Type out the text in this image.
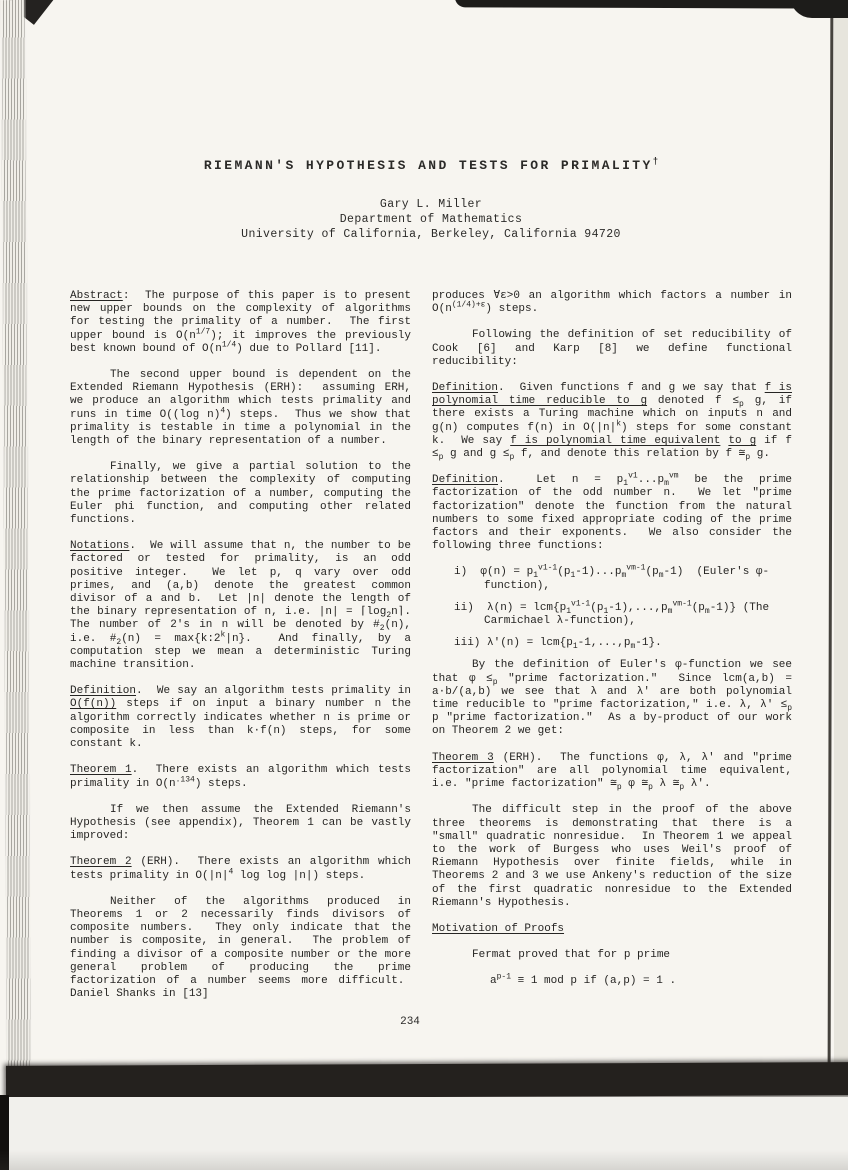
RIEMANN'S HYPOTHESIS AND TESTS FOR PRIMALITY†
Gary L. Miller
Department of Mathematics
University of California, Berkeley, California 94720

Abstract:  The purpose of this paper is to present new upper bounds on the complexity of algorithms for testing the primality of a number.  The first upper bound is $O(n^{1/7})$; it improves the previously best known bound of $O(n^{1/4})$ due to Pollard [11].

The second upper bound is dependent on the Extended Riemann Hypothesis (ERH):  assuming ERH, we produce an algorithm which tests primality and runs in time O((log n)$^4$) steps.  Thus we show that primality is testable in time a polynomial in the length of the binary representation of a number.

Finally, we give a partial solution to the relationship between the complexity of computing the prime factorization of a number, computing the Euler phi function, and computing other related functions.

Notations.  We will assume that n, the number to be factored or tested for primality, is an odd positive integer.  We let p, q vary over odd primes, and (a,b) denote the greatest common divisor of a and b.  Let |n| denote the length of the binary representation of n, i.e. $|n| = ⌈\log_2n⌉$. The number of 2's in n will be denoted by $\#_2(n)$, i.e. $\#_2(n)$ = $\max\{k:2^k|n\}$.  And finally, by a computation step we mean a deterministic Turing machine transition.

Definition.  We say an algorithm tests primality in O(f(n)) steps if on input a binary number n the algorithm correctly indicates whether n is prime or composite in less than k·f(n) steps, for some constant k.

Theorem 1.  There exists an algorithm which tests primality in $O(n^{.134})$ steps.

If we then assume the Extended Riemann's Hypothesis (see appendix), Theorem 1 can be vastly improved:

Theorem 2 (ERH).  There exists an algorithm which tests primality in $O(|n|^4$ log log |n|) steps.

Neither of the algorithms produced in Theorems 1 or 2 necessarily finds divisors of composite numbers.  They only indicate that the number is composite, in general.  The problem of finding a divisor of a composite number or the more general problem of producing the prime factorization of a number seems more difficult.  Daniel Shanks in [13]

produces ∀ε>0 an algorithm which factors a number in $O(n^{(1/4)+\varepsilon})$ steps.

Following the definition of set reducibility of Cook [6] and Karp [8] we define functional reducibility:

Definition.  Given functions f and g we say that f is polynomial time reducible to g denoted $f \le_p$ g, if there exists a Turing machine which on inputs n and g(n) computes f(n) in $O(|n|^k)$ steps for some constant k.  We say f is polynomial time equivalent to g if $f \le_p$ g and $g \le_p$ f, and denote this relation by f $≅_p$ g.

Definition.  Let $n = p_1^{v1}...p_m^{vm}$ be the prime factorization of the odd number n.  We let "prime factorization" denote the function from the natural numbers to some fixed appropriate coding of the prime factors and their exponents.  We also consider the following three functions:

i)  $\varphi(n) = p_1^{v1-1}(p_1-1)...p_m^{vm-1}(p_m-1)$  (Euler's φ-function),

ii)  $\lambda(n) = lcm\{p_1^{v1-1}(p_1-1),...,p_m^{vm-1}(p_m-1)\}$ (The Carmichael λ-function),

iii) $\lambda'(n) = lcm\{p_1-1,...,p_m-1\}$.

By the definition of Euler's φ-function we see that $\varphi \le_p$ "prime factorization."  Since lcm(a,b) = a·b/(a,b) we see that λ and λ' are both polynomial time reducible to "prime factorization," i.e. λ, $\lambda' \le_p$ p "prime factorization."  As a by-product of our work on Theorem 2 we get:

Theorem 3 (ERH).  The functions φ, λ, λ' and "prime factorization" are all polynomial time equivalent, i.e. "prime factorization" $≅_p$ φ $≅_p$ λ $≅_p$ λ'.

The difficult step in the proof of the above three theorems is demonstrating that there is a "small" quadratic nonresidue.  In Theorem 1 we appeal to the work of Burgess who uses Weil's proof of Riemann Hypothesis over finite fields, while in Theorems 2 and 3 we use Ankeny's reduction of the size of the first quadratic nonresidue to the Extended Riemann's Hypothesis.

Motivation of Proofs

Fermat proved that for p prime

$a^{p-1} \equiv 1$ mod p if (a,p) = 1 .

234
